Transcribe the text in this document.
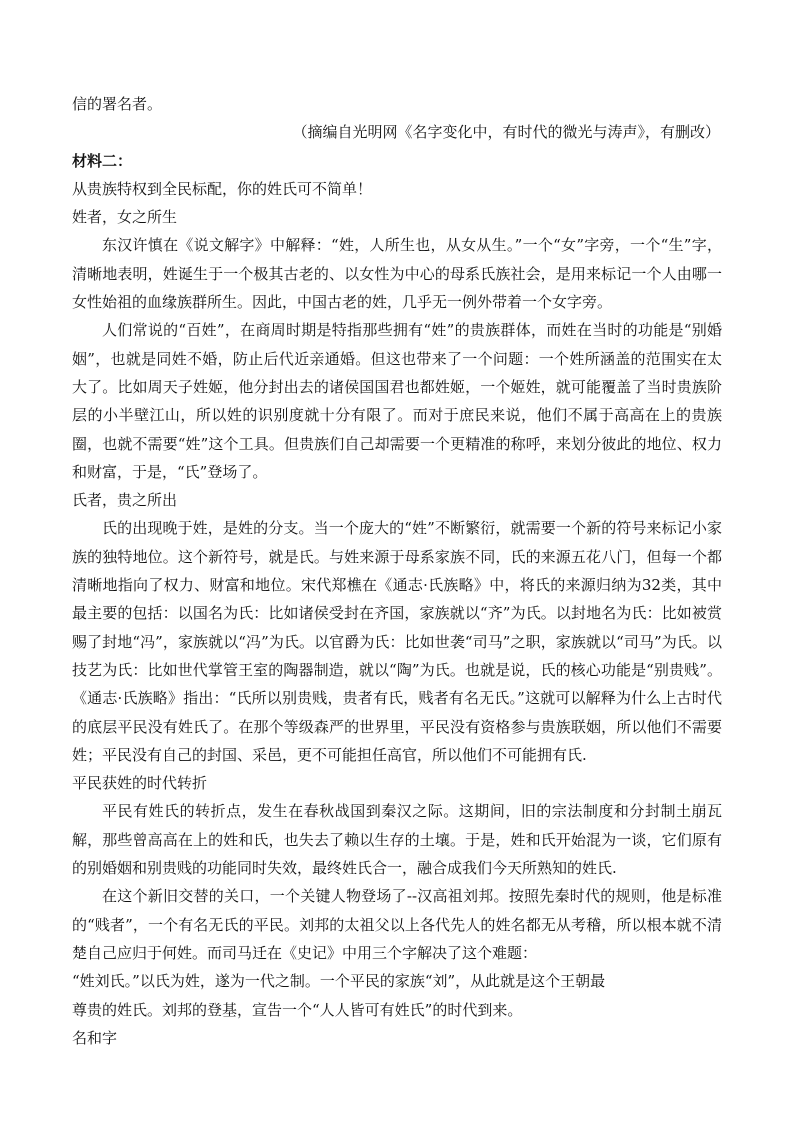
信的署名者。

（摘编自光明网《名字变化中，有时代的微光与涛声》，有删改）

材料二：

从贵族特权到全民标配，你的姓氏可不简单！

姓者，女之所生

东汉许慎在《说文解字》中解释：“姓，人所生也，从女从生。”一个“女”字旁，一个“生”字，清晰地表明，姓诞生于一个极其古老的、以女性为中心的母系氏族社会，是用来标记一个人由哪一女性始祖的血缘族群所生。因此，中国古老的姓，几乎无一例外带着一个女字旁。

人们常说的“百姓”，在商周时期是特指那些拥有“姓”的贵族群体，而姓在当时的功能是“别婚姻”，也就是同姓不婚，防止后代近亲通婚。但这也带来了一个问题：一个姓所涵盖的范围实在太大了。比如周天子姓姬，他分封出去的诸侯国国君也都姓姬，一个姬姓，就可能覆盖了当时贵族阶层的小半壁江山，所以姓的识别度就十分有限了。而对于庶民来说，他们不属于高高在上的贵族圈，也就不需要“姓”这个工具。但贵族们自己却需要一个更精准的称呼，来划分彼此的地位、权力和财富，于是，“氏”登场了。

氏者，贵之所出

氏的出现晚于姓，是姓的分支。当一个庞大的“姓”不断繁衍，就需要一个新的符号来标记小家族的独特地位。这个新符号，就是氏。与姓来源于母系家族不同，氏的来源五花八门，但每一个都清晰地指向了权力、财富和地位。宋代郑樵在《通志·氏族略》中，将氏的来源归纳为32类，其中最主要的包括：以国名为氏：比如诸侯受封在齐国，家族就以“齐”为氏。以封地名为氏：比如被赏赐了封地“冯”，家族就以“冯”为氏。以官爵为氏：比如世袭“司马”之职，家族就以“司马”为氏。以技艺为氏：比如世代掌管王室的陶器制造，就以“陶”为氏。也就是说，氏的核心功能是“别贵贱”。《通志·氏族略》指出：“氏所以别贵贱，贵者有氏，贱者有名无氏。”这就可以解释为什么上古时代的底层平民没有姓氏了。在那个等级森严的世界里，平民没有资格参与贵族联姻，所以他们不需要姓；平民没有自己的封国、采邑，更不可能担任高官，所以他们不可能拥有氏.

平民获姓的时代转折

平民有姓氏的转折点，发生在春秋战国到秦汉之际。这期间，旧的宗法制度和分封制土崩瓦解，那些曾高高在上的姓和氏，也失去了赖以生存的土壤。于是，姓和氏开始混为一谈，它们原有的别婚姻和别贵贱的功能同时失效，最终姓氏合一，融合成我们今天所熟知的姓氏.

在这个新旧交替的关口，一个关键人物登场了--汉高祖刘邦。按照先秦时代的规则，他是标准的“贱者”，一个有名无氏的平民。刘邦的太祖父以上各代先人的姓名都无从考稽，所以根本就不清楚自己应归于何姓。而司马迁在《史记》中用三个字解决了这个难题：

“姓刘氏。”以氏为姓，遂为一代之制。一个平民的家族“刘”，从此就是这个王朝最

尊贵的姓氏。刘邦的登基，宣告一个“人人皆可有姓氏”的时代到来。

名和字
